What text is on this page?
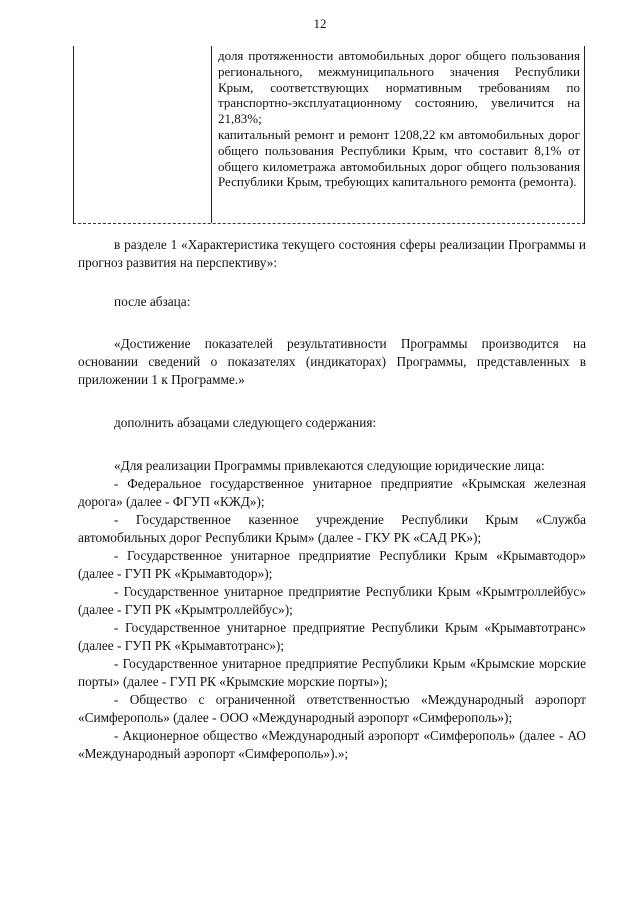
12

доля протяженности автомобильных дорог общего пользования регионального, межмуниципального значения Республики Крым, соответствующих нормативным требованиям по транспортно-эксплуатационному состоянию, увеличится на 21,83%;

капитальный ремонт и ремонт 1208,22 км автомобильных дорог общего пользования Республики Крым, что составит 8,1% от общего километража автомобильных дорог общего пользования Республики Крым, требующих капитального ремонта (ремонта).

в разделе 1 «Характеристика текущего состояния сферы реализации Программы и прогноз развития на перспективу»:

после абзаца:

«Достижение показателей результативности Программы производится на основании сведений о показателях (индикаторах) Программы, представленных в приложении 1 к Программе.»

дополнить абзацами следующего содержания:

«Для реализации Программы привлекаются следующие юридические лица:

- Федеральное государственное унитарное предприятие «Крымская железная дорога» (далее - ФГУП «КЖД»);
- Государственное казенное учреждение Республики Крым «Служба автомобильных дорог Республики Крым» (далее - ГКУ РК «САД РК»);
- Государственное унитарное предприятие Республики Крым «Крымавтодор» (далее - ГУП РК «Крымавтодор»);
- Государственное унитарное предприятие Республики Крым «Крымтроллейбус» (далее - ГУП РК «Крымтроллейбус»);
- Государственное унитарное предприятие Республики Крым «Крымавтотранс» (далее - ГУП РК «Крымавтотранс»);
- Государственное унитарное предприятие Республики Крым «Крымские морские порты» (далее - ГУП РК «Крымские морские порты»);
- Общество с ограниченной ответственностью «Международный аэропорт «Симферополь» (далее - ООО «Международный аэропорт «Симферополь»);
- Акционерное общество «Международный аэропорт «Симферополь» (далее - АО «Международный аэропорт «Симферополь»).»;
